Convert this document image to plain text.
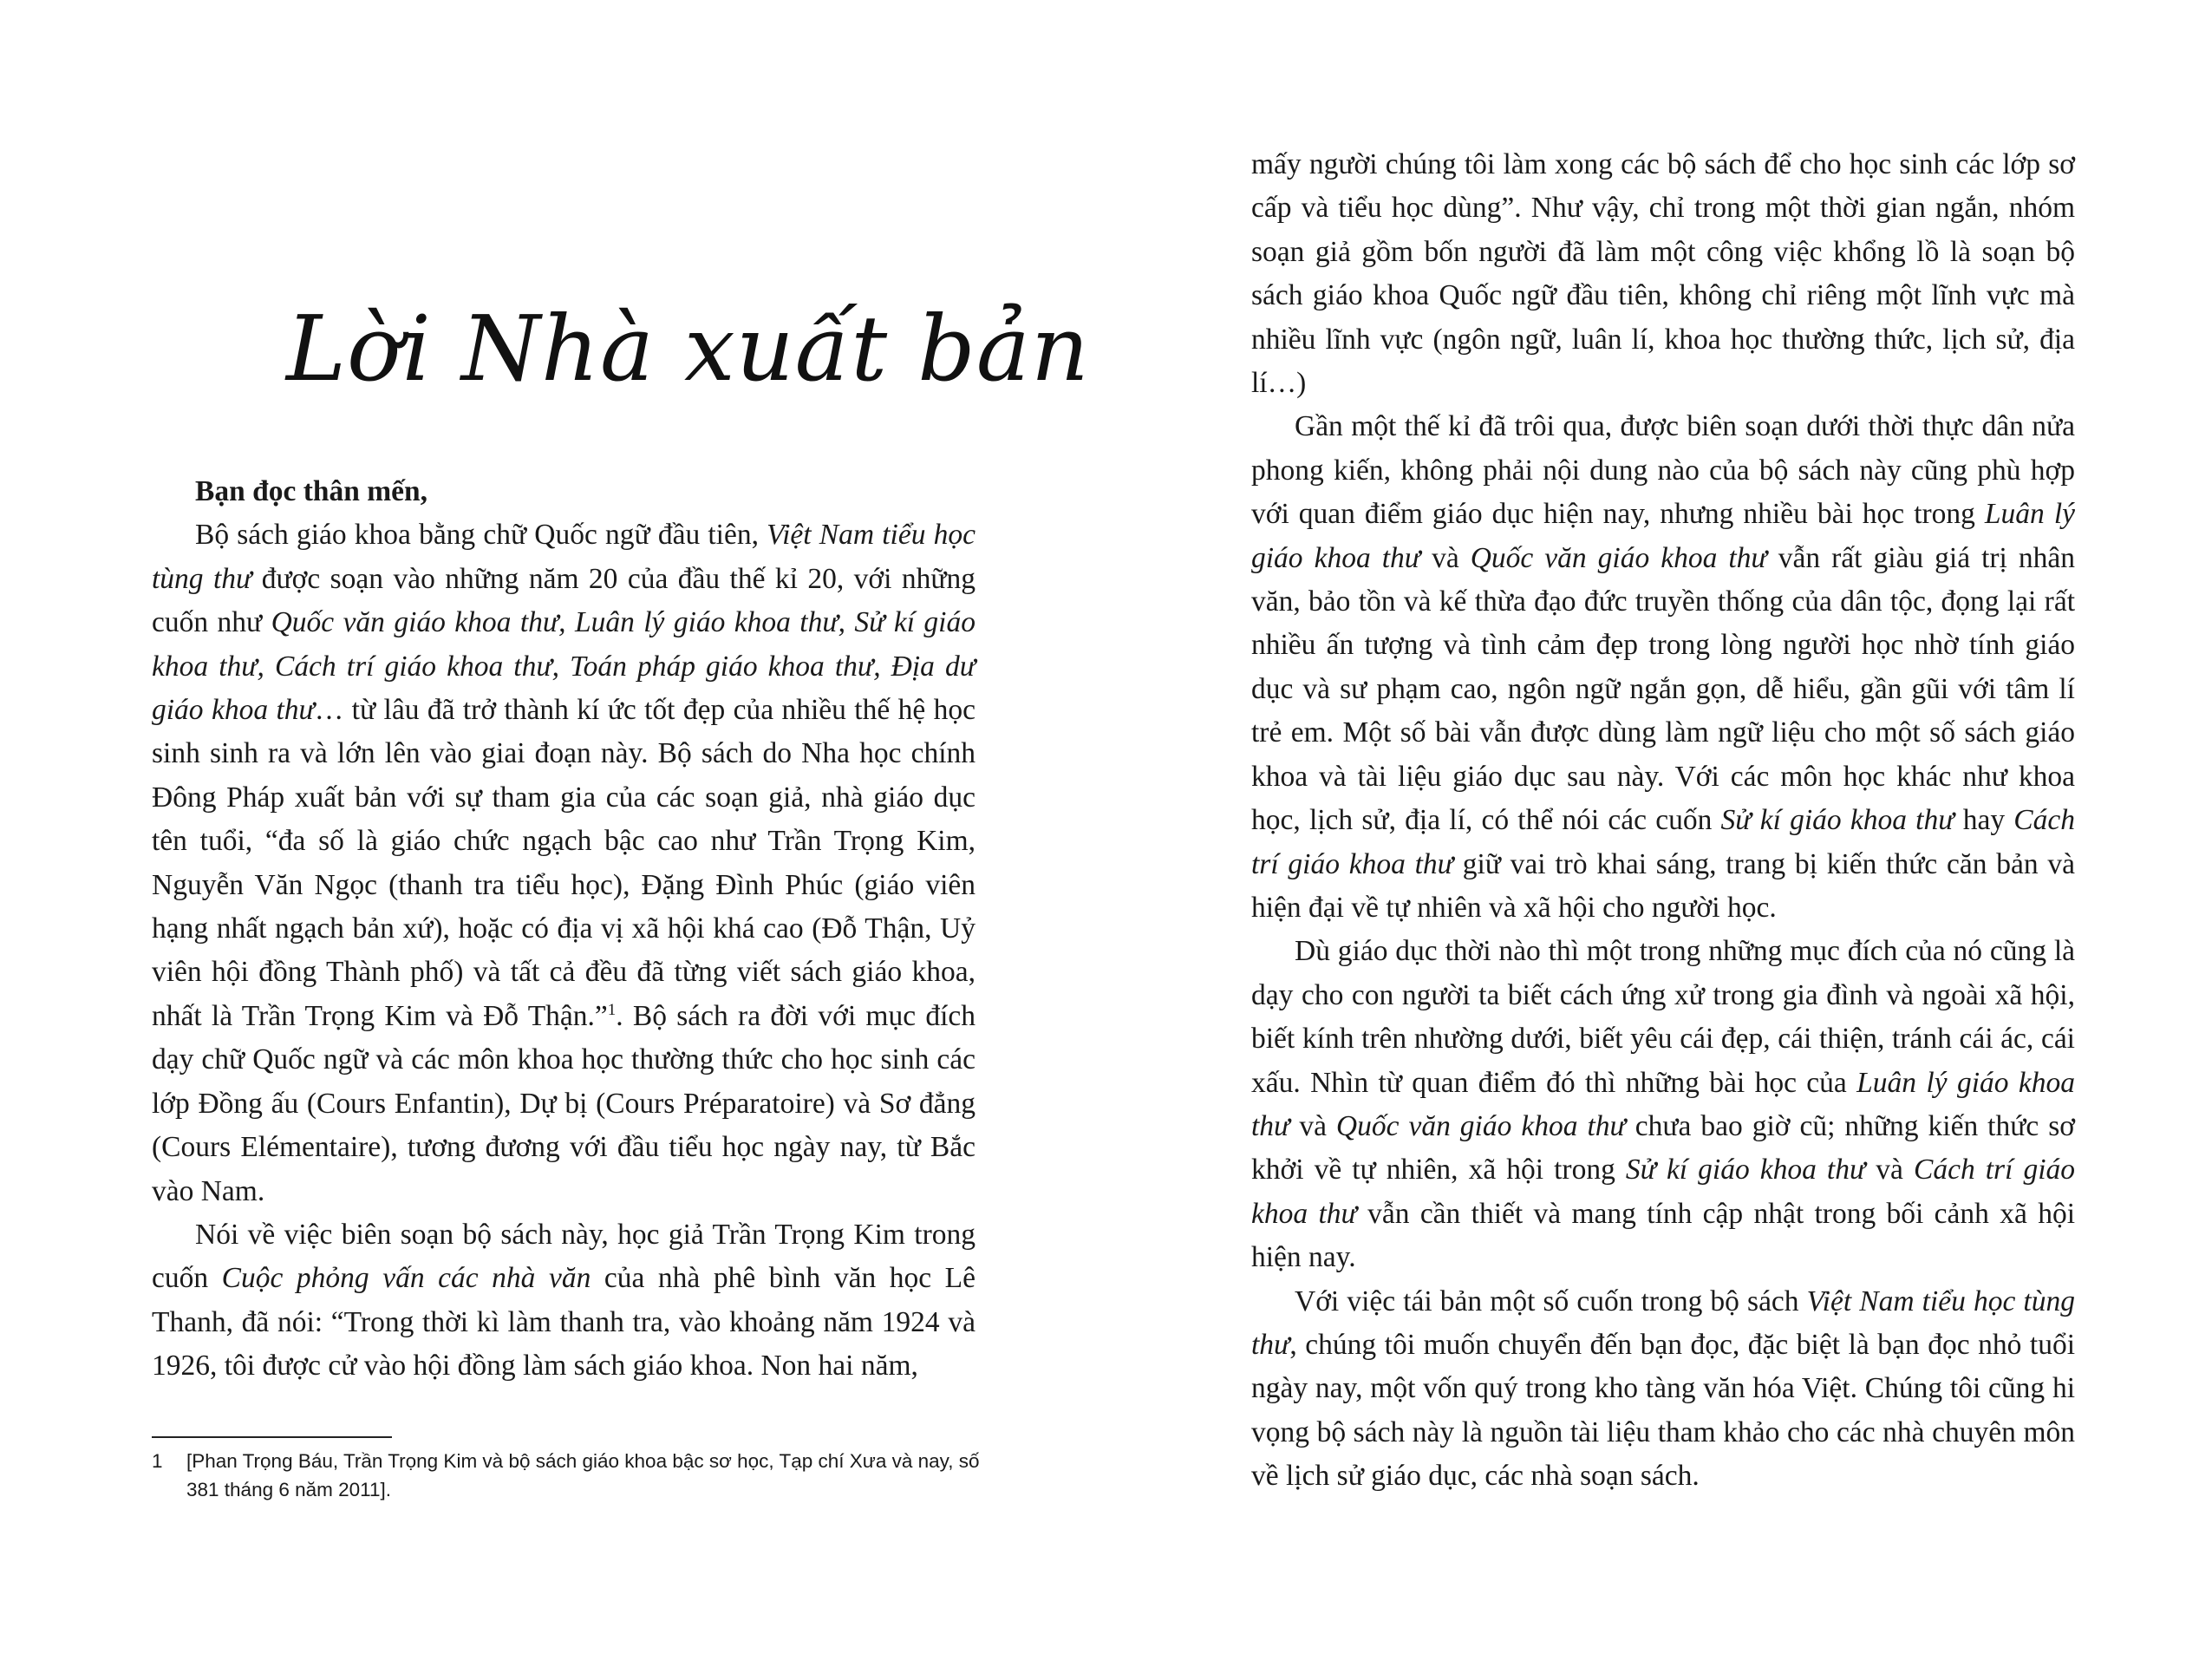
Lời Nhà xuất bản

Bạn đọc thân mến,

Bộ sách giáo khoa bằng chữ Quốc ngữ đầu tiên, Việt Nam tiểu học tùng thư được soạn vào những năm 20 của đầu thế kỉ 20, với những cuốn như Quốc văn giáo khoa thư, Luân lý giáo khoa thư, Sử kí giáo khoa thư, Cách trí giáo khoa thư, Toán pháp giáo khoa thư, Địa dư giáo khoa thư… từ lâu đã trở thành kí ức tốt đẹp của nhiều thế hệ học sinh sinh ra và lớn lên vào giai đoạn này. Bộ sách do Nha học chính Đông Pháp xuất bản với sự tham gia của các soạn giả, nhà giáo dục tên tuổi, “đa số là giáo chức ngạch bậc cao như Trần Trọng Kim, Nguyễn Văn Ngọc (thanh tra tiểu học), Đặng Đình Phúc (giáo viên hạng nhất ngạch bản xứ), hoặc có địa vị xã hội khá cao (Đỗ Thận, Uỷ viên hội đồng Thành phố) và tất cả đều đã từng viết sách giáo khoa, nhất là Trần Trọng Kim và Đỗ Thận.”$^1$. Bộ sách ra đời với mục đích dạy chữ Quốc ngữ và các môn khoa học thường thức cho học sinh các lớp Đồng ấu (Cours Enfantin), Dự bị (Cours Préparatoire) và Sơ đẳng (Cours Elémentaire), tương đương với đầu tiểu học ngày nay, từ Bắc vào Nam.

Nói về việc biên soạn bộ sách này, học giả Trần Trọng Kim trong cuốn Cuộc phỏng vấn các nhà văn của nhà phê bình văn học Lê Thanh, đã nói: “Trong thời kì làm thanh tra, vào khoảng năm 1924 và 1926, tôi được cử vào hội đồng làm sách giáo khoa. Non hai năm,

1 [Phan Trọng Báu, Trần Trọng Kim và bộ sách giáo khoa bậc sơ học, Tạp chí Xưa và nay, số 381 tháng 6 năm 2011].

mấy người chúng tôi làm xong các bộ sách để cho học sinh các lớp sơ cấp và tiểu học dùng”. Như vậy, chỉ trong một thời gian ngắn, nhóm soạn giả gồm bốn người đã làm một công việc khổng lồ là soạn bộ sách giáo khoa Quốc ngữ đầu tiên, không chỉ riêng một lĩnh vực mà nhiều lĩnh vực (ngôn ngữ, luân lí, khoa học thường thức, lịch sử, địa lí…)

Gần một thế kỉ đã trôi qua, được biên soạn dưới thời thực dân nửa phong kiến, không phải nội dung nào của bộ sách này cũng phù hợp với quan điểm giáo dục hiện nay, nhưng nhiều bài học trong Luân lý giáo khoa thư và Quốc văn giáo khoa thư vẫn rất giàu giá trị nhân văn, bảo tồn và kế thừa đạo đức truyền thống của dân tộc, đọng lại rất nhiều ấn tượng và tình cảm đẹp trong lòng người học nhờ tính giáo dục và sư phạm cao, ngôn ngữ ngắn gọn, dễ hiểu, gần gũi với tâm lí trẻ em. Một số bài vẫn được dùng làm ngữ liệu cho một số sách giáo khoa và tài liệu giáo dục sau này. Với các môn học khác như khoa học, lịch sử, địa lí, có thể nói các cuốn Sử kí giáo khoa thư hay Cách trí giáo khoa thư giữ vai trò khai sáng, trang bị kiến thức căn bản và hiện đại về tự nhiên và xã hội cho người học.

Dù giáo dục thời nào thì một trong những mục đích của nó cũng là dạy cho con người ta biết cách ứng xử trong gia đình và ngoài xã hội, biết kính trên nhường dưới, biết yêu cái đẹp, cái thiện, tránh cái ác, cái xấu. Nhìn từ quan điểm đó thì những bài học của Luân lý giáo khoa thư và Quốc văn giáo khoa thư chưa bao giờ cũ; những kiến thức sơ khởi về tự nhiên, xã hội trong Sử kí giáo khoa thư và Cách trí giáo khoa thư vẫn cần thiết và mang tính cập nhật trong bối cảnh xã hội hiện nay.

Với việc tái bản một số cuốn trong bộ sách Việt Nam tiểu học tùng thư, chúng tôi muốn chuyển đến bạn đọc, đặc biệt là bạn đọc nhỏ tuổi ngày nay, một vốn quý trong kho tàng văn hóa Việt. Chúng tôi cũng hi vọng bộ sách này là nguồn tài liệu tham khảo cho các nhà chuyên môn về lịch sử giáo dục, các nhà soạn sách.
